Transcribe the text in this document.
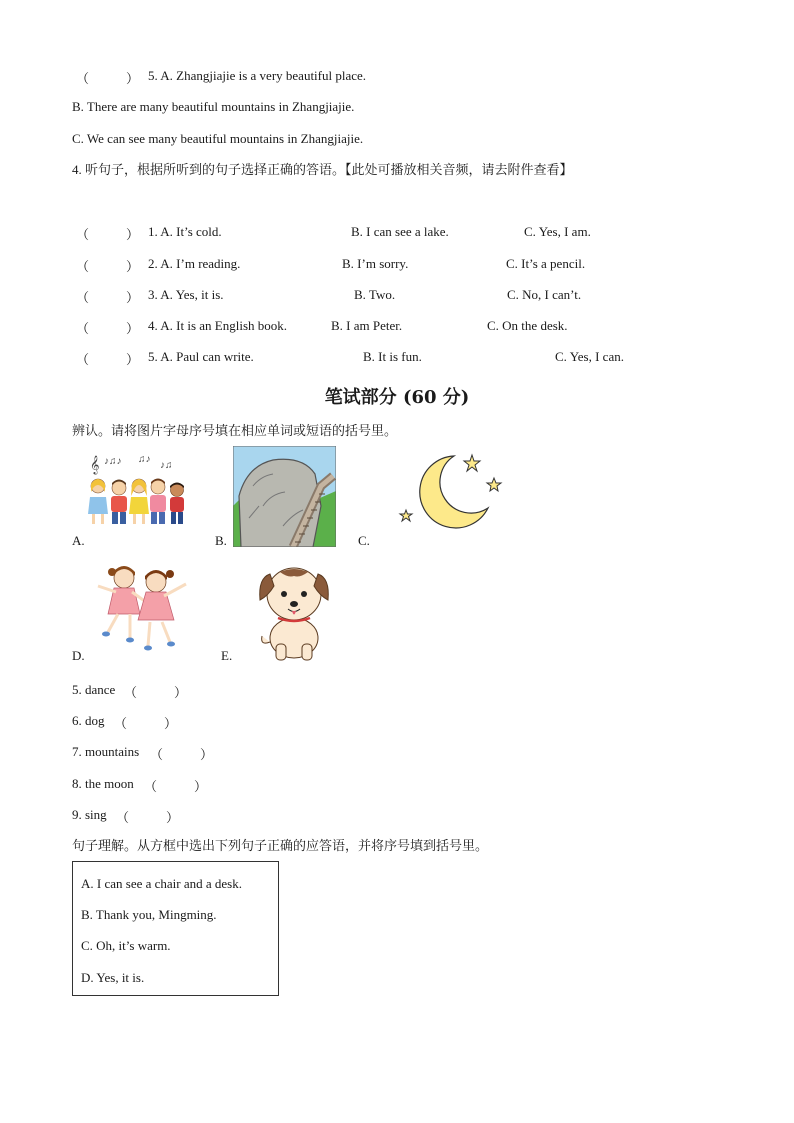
（	） 5. A. Zhangjiajie is a very beautiful place.
B. There are many beautiful mountains in Zhangjiajie.
C. We can see many beautiful mountains in Zhangjiajie.
4. 听句子，根据所听到的句子选择正确的答语。【此处可播放相关音频，请去附件查看】
（	） 1. A. It’s cold.	B. I can see a lake.	C. Yes, I am.
（	） 2. A. I’m reading.	B. I’m sorry.	C. It’s a pencil.
（	） 3. A. Yes, it is.	B. Two.	C. No, I can’t.
（	） 4. A. It is an English book.	B. I am Peter.	C. On the desk.
（	） 5. A. Paul can write.	B. It is fun.	C. Yes, I can.
笔试部分 (60 分)
辨认。请将图片字母序号填在相应单词或短语的括号里。
𝄞 ♪♫♪ ♫♪
♪♫
A.	B.	C.
D.	E.
5. dance （	）
6. dog （	）
7. mountains （	）
8. the moon （	）
9. sing （	）
句子理解。从方框中选出下列句子正确的应答语，并将序号填到括号里。
A. I can see a chair and a desk.
B. Thank you, Mingming.
C. Oh, it’s warm.
D. Yes, it is.
